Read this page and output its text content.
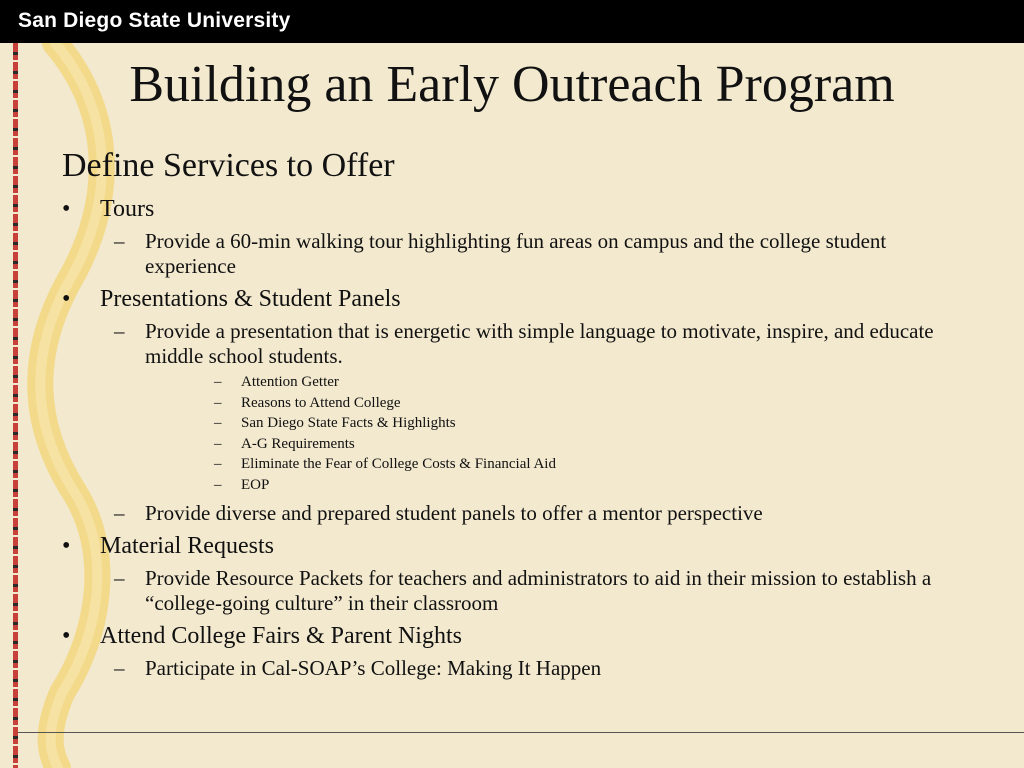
San Diego State University
Building an Early Outreach Program
Define Services to Offer
• Tours
– Provide a 60-min walking tour highlighting fun areas on campus and the college student experience
• Presentations & Student Panels
– Provide a presentation that is energetic with simple language to motivate, inspire, and educate middle school students.
– Attention Getter
– Reasons to Attend College
– San Diego State Facts & Highlights
– A-G Requirements
– Eliminate the Fear of College Costs & Financial Aid
– EOP
– Provide diverse and prepared student panels to offer a mentor perspective
• Material Requests
– Provide Resource Packets for teachers and administrators to aid in their mission to establish a “college-going culture” in their classroom
• Attend College Fairs & Parent Nights
– Participate in Cal-SOAP’s College: Making It Happen
